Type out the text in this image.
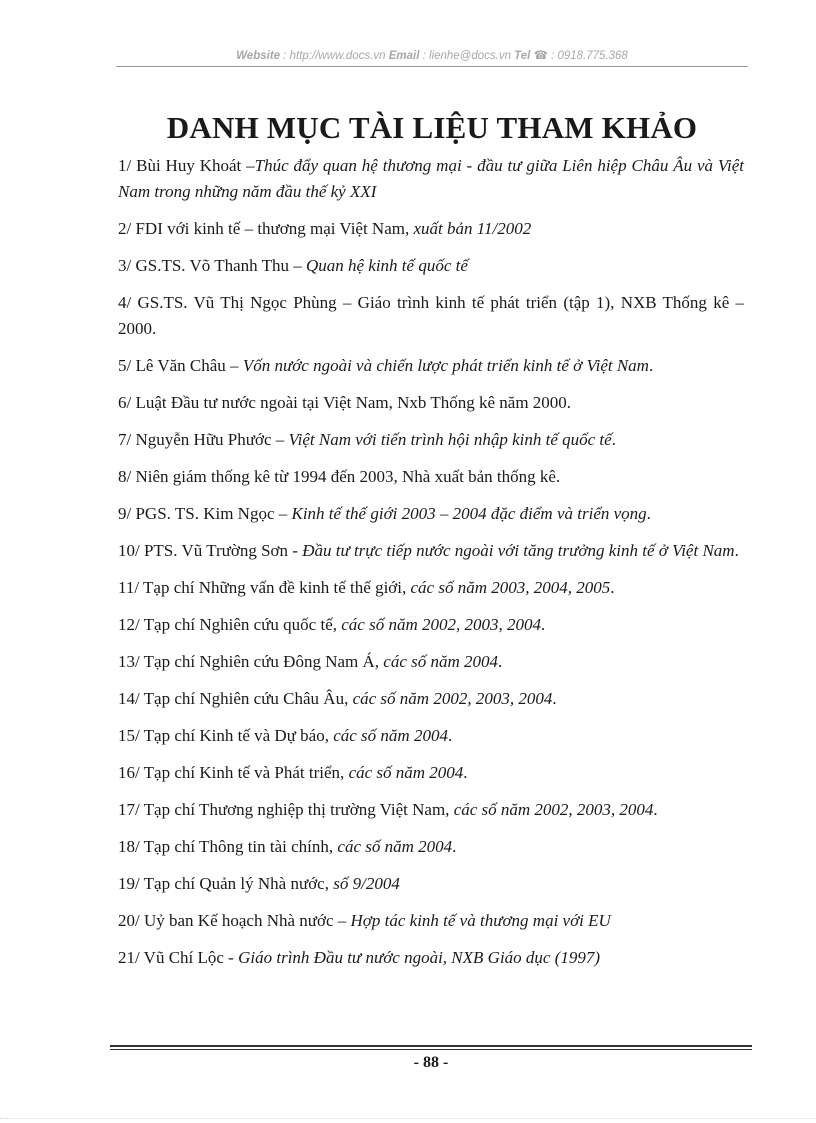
Website : http://www.docs.vn Email : lienhe@docs.vn Tel ☎ : 0918.775.368
DANH MỤC TÀI LIỆU THAM KHẢO
1/ Bùi Huy Khoát –Thúc đẩy quan hệ thương mại - đầu tư giữa Liên hiệp Châu Âu và Việt Nam trong những năm đầu thế kỷ XXI
2/ FDI với kinh tế – thương mại Việt Nam, xuất bản 11/2002
3/ GS.TS. Võ Thanh Thu – Quan hệ kinh tế quốc tế
4/ GS.TS. Vũ Thị Ngọc Phùng – Giáo trình kinh tế phát triển (tập 1), NXB Thống kê – 2000.
5/ Lê Văn Châu – Vốn nước ngoài và chiến lược phát triển kinh tế ở Việt Nam.
6/ Luật Đầu tư nước ngoài tại Việt Nam, Nxb Thống kê năm 2000.
7/ Nguyễn Hữu Phước – Việt Nam với tiến trình hội nhập kinh tế quốc tế.
8/ Niên giám thống kê từ 1994 đến 2003, Nhà xuất bản thống kê.
9/ PGS. TS. Kim Ngọc – Kinh tế thế giới 2003 – 2004 đặc điểm và triển vọng.
10/ PTS. Vũ Trường Sơn - Đầu tư trực tiếp nước ngoài với tăng trưởng kinh tế ở Việt Nam.
11/ Tạp chí Những vấn đề kinh tế thế giới, các số năm 2003, 2004, 2005.
12/ Tạp chí Nghiên cứu quốc tế, các số năm 2002, 2003, 2004.
13/ Tạp chí Nghiên cứu Đông Nam Á, các số năm 2004.
14/ Tạp chí Nghiên cứu Châu Âu, các số năm 2002, 2003, 2004.
15/ Tạp chí Kinh tế và Dự báo, các số năm 2004.
16/ Tạp chí Kinh tế và Phát triển, các số năm 2004.
17/ Tạp chí Thương nghiệp thị trường Việt Nam, các số năm 2002, 2003, 2004.
18/ Tạp chí Thông tin tài chính, các số năm 2004.
19/ Tạp chí Quản lý Nhà nước, số 9/2004
20/ Uỷ ban Kế hoạch Nhà nước – Hợp tác kinh tế và thương mại với EU
21/ Vũ Chí Lộc - Giáo trình Đầu tư nước ngoài, NXB Giáo dục (1997)
- 88 -
